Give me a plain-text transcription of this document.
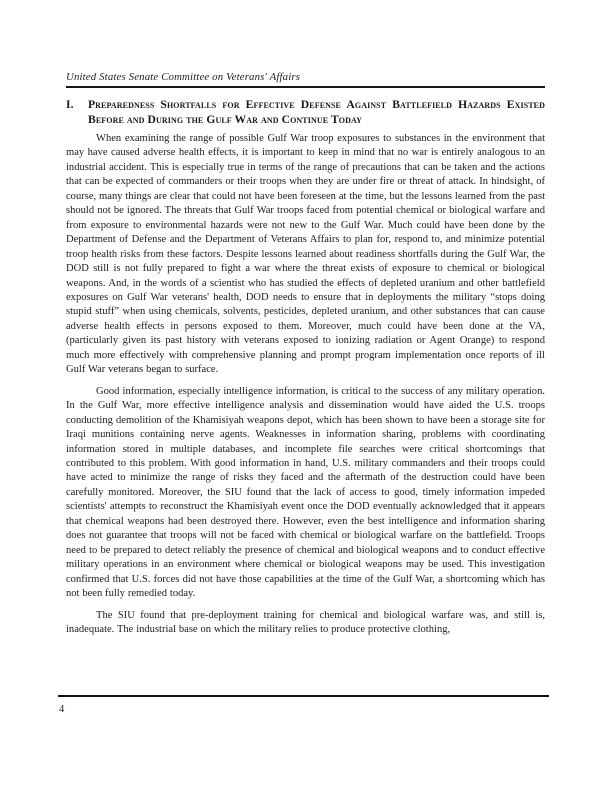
United States Senate Committee on Veterans' Affairs
I.	Preparedness Shortfalls for Effective Defense Against Battlefield Hazards Existed Before and During the Gulf War and Continue Today

When examining the range of possible Gulf War troop exposures to substances in the environment that may have caused adverse health effects, it is important to keep in mind that no war is entirely analogous to an industrial accident. This is especially true in terms of the range of precautions that can be taken and the actions that can be expected of commanders or their troops when they are under fire or threat of attack. In hindsight, of course, many things are clear that could not have been foreseen at the time, but the lessons learned from the past should not be ignored. The threats that Gulf War troops faced from potential chemical or biological warfare and from exposure to environmental hazards were not new to the Gulf War. Much could have been done by the Department of Defense and the Department of Veterans Affairs to plan for, respond to, and minimize potential troop health risks from these factors. Despite lessons learned about readiness shortfalls during the Gulf War, the DOD still is not fully prepared to fight a war where the threat exists of exposure to chemical or biological weapons. And, in the words of a scientist who has studied the effects of depleted uranium and other battlefield exposures on Gulf War veterans' health, DOD needs to ensure that in deployments the military “stops doing stupid stuff” when using chemicals, solvents, pesticides, depleted uranium, and other substances that can cause adverse health effects in persons exposed to them. Moreover, much could have been done at the VA, (particularly given its past history with veterans exposed to ionizing radiation or Agent Orange) to respond much more effectively with comprehensive planning and prompt program implementation once reports of ill Gulf War veterans began to surface.

Good information, especially intelligence information, is critical to the success of any military operation. In the Gulf War, more effective intelligence analysis and dissemination would have aided the U.S. troops conducting demolition of the Khamisiyah weapons depot, which has been shown to have been a storage site for Iraqi munitions containing nerve agents. Weaknesses in information sharing, problems with coordinating information stored in multiple databases, and incomplete file searches were critical shortcomings that contributed to this problem. With good information in hand, U.S. military commanders and their troops could have acted to minimize the range of risks they faced and the aftermath of the destruction could have been carefully monitored. Moreover, the SIU found that the lack of access to good, timely information impeded scientists' attempts to reconstruct the Khamisiyah event once the DOD eventually acknowledged that it appears that chemical weapons had been destroyed there. However, even the best intelligence and information sharing does not guarantee that troops will not be faced with chemical or biological warfare on the battlefield. Troops need to be prepared to detect reliably the presence of chemical and biological weapons and to conduct effective military operations in an environment where chemical or biological weapons may be used. This investigation confirmed that U.S. forces did not have those capabilities at the time of the Gulf War, a shortcoming which has not been fully remedied today.

The SIU found that pre-deployment training for chemical and biological warfare was, and still is, inadequate. The industrial base on which the military relies to produce protective clothing,

4
